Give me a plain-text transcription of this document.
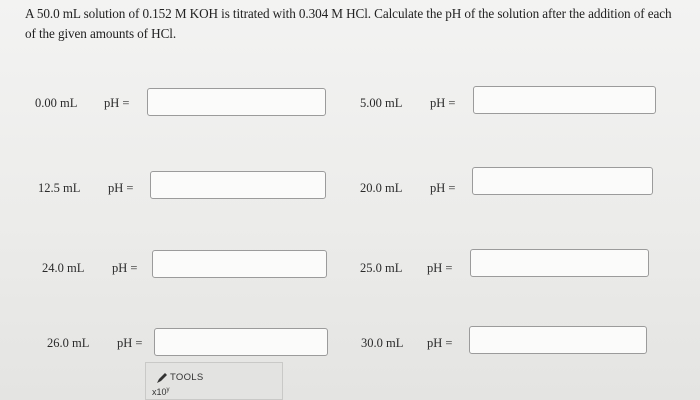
A 50.0 mL solution of 0.152 M KOH is titrated with 0.304 M HCl. Calculate the pH of the solution after the addition of each of the given amounts of HCl.
0.00 mL pH =	5.00 mL pH =
12.5 mL pH =	20.0 mL pH =
24.0 mL pH =	25.0 mL pH =
26.0 mL pH =	30.0 mL pH =
TOOLS
x10$^y$
